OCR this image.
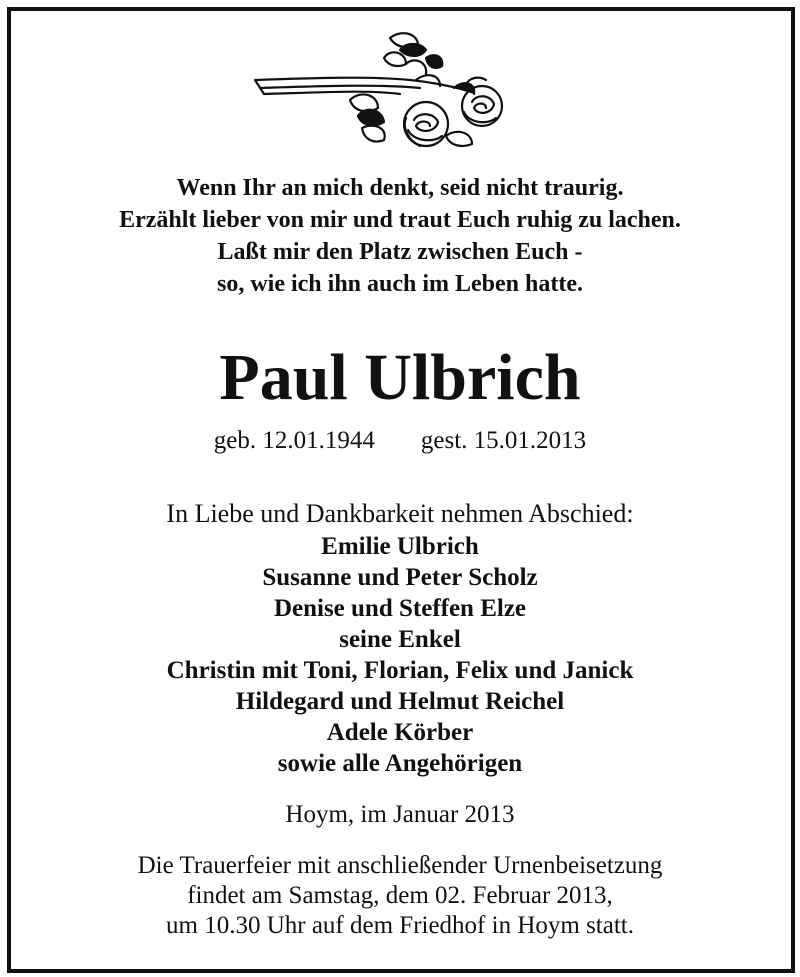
Wenn Ihr an mich denkt, seid nicht traurig.
Erzählt lieber von mir und traut Euch ruhig zu lachen.
Laßt mir den Platz zwischen Euch -
so, wie ich ihn auch im Leben hatte.
Paul Ulbrich
geb. 12.01.1944 gest. 15.01.2013
In Liebe und Dankbarkeit nehmen Abschied:
Emilie Ulbrich
Susanne und Peter Scholz
Denise und Steffen Elze
seine Enkel
Christin mit Toni, Florian, Felix und Janick
Hildegard und Helmut Reichel
Adele Körber
sowie alle Angehörigen
Hoym, im Januar 2013
Die Trauerfeier mit anschließender Urnenbeisetzung
findet am Samstag, dem 02. Februar 2013,
um 10.30 Uhr auf dem Friedhof in Hoym statt.
